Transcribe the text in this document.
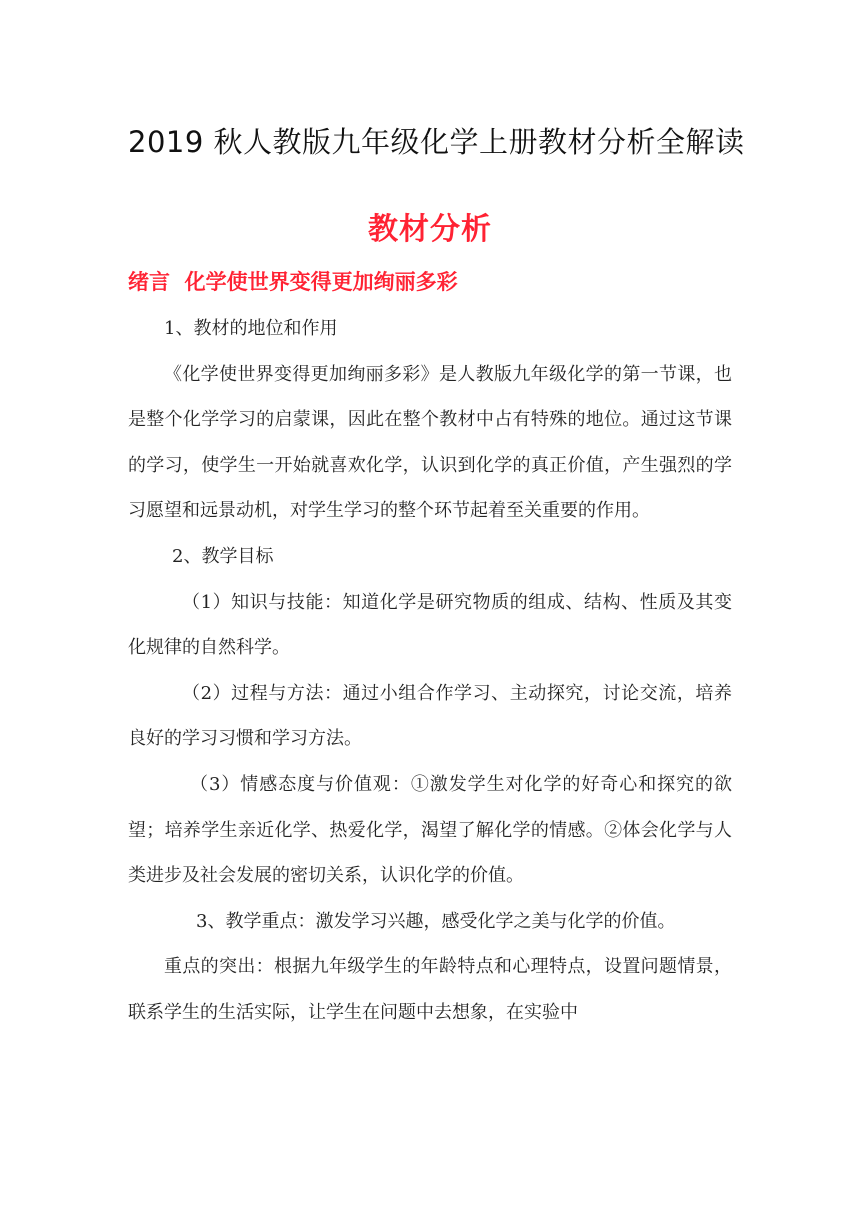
2019 秋人教版九年级化学上册教材分析全解读
教材分析
绪言  化学使世界变得更加绚丽多彩

1、教材的地位和作用

《化学使世界变得更加绚丽多彩》是人教版九年级化学的第一节课，也是整个化学学习的启蒙课，因此在整个教材中占有特殊的地位。通过这节课的学习，使学生一开始就喜欢化学，认识到化学的真正价值，产生强烈的学习愿望和远景动机，对学生学习的整个环节起着至关重要的作用。

2、教学目标

（1）知识与技能：知道化学是研究物质的组成、结构、性质及其变化规律的自然科学。

（2）过程与方法：通过小组合作学习、主动探究，讨论交流，培养良好的学习习惯和学习方法。

（3）情感态度与价值观：①激发学生对化学的好奇心和探究的欲望；培养学生亲近化学、热爱化学，渴望了解化学的情感。②体会化学与人类进步及社会发展的密切关系，认识化学的价值。

3、教学重点：激发学习兴趣，感受化学之美与化学的价值。

重点的突出：根据九年级学生的年龄特点和心理特点，设置问题情景，联系学生的生活实际，让学生在问题中去想象，在实验中
